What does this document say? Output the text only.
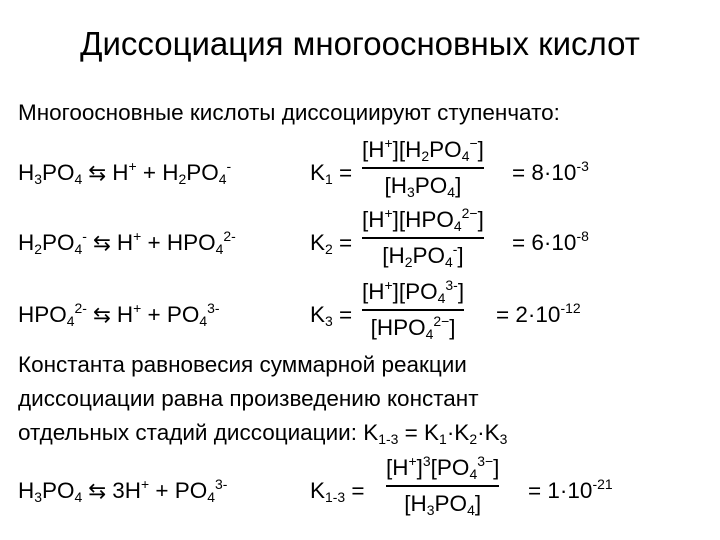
Диссоциация многоосновных кислот
Многоосновные кислоты диссоциируют ступенчато:
$H_3PO_4$ ⇆ $H^+ + H_2PO_4^-$	$K_1$ =
$[H^+][H_2PO_4^-]$
$[H_3PO_4] = 8\cdot 10^{-3}$
$H_2PO_4^-$ ⇆ $H^+ + HPO_4^{2-}$	$K_2$ =
$[H^+][HPO_4^{2-}]$
$[H_2PO_4^-] = 6\cdot 10^{-8}$
$HPO_4^{2-}$ ⇆ $H^+ + PO_4^{3-}$	$K_3$ =
$[H^+][PO_4^{3-}]$
$[HPO_4^{2-}] = 2\cdot 10^{-12}$
Константа равновесия суммарной реакции
диссоциации равна произведению констант
отдельных стадий диссоциации: $K_{1-3} = K_1\cdot K_2\cdot K_3$
$H_3PO_4$ ⇆ $3H^+ + PO_4^{3-}$	$K_{1-3}$ =
$[H^+]^3[PO_4^{3-}]$
$[H_3PO_4] = 1\cdot 10^{-21}$
